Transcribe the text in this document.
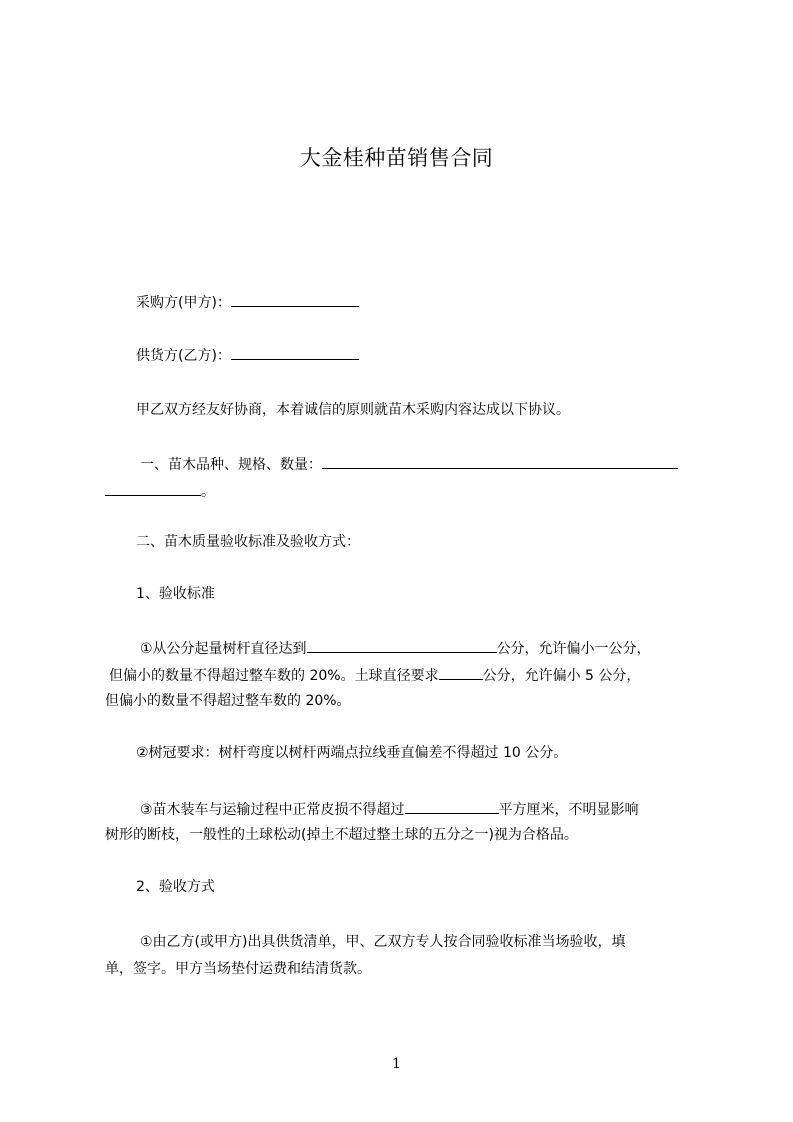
大金桂种苗销售合同
采购方(甲方)：
供货方(乙方)：
甲乙双方经友好协商，本着诚信的原则就苗木采购内容达成以下协议。
一、苗木品种、规格、数量：
。
二、苗木质量验收标准及验收方式：
1、验收标准
①从公分起量树杆直径达到	公分，允许偏小一公分，
但偏小的数量不得超过整车数的 20%。土球直径要求	公分，允许偏小 5 公分，
但偏小的数量不得超过整车数的 20%。
②树冠要求：树杆弯度以树杆两端点拉线垂直偏差不得超过 10 公分。
③苗木装车与运输过程中正常皮损不得超过	平方厘米，不明显影响
树形的断枝，一般性的土球松动(掉土不超过整土球的五分之一)视为合格品。
2、验收方式
①由乙方(或甲方)出具供货清单，甲、乙双方专人按合同验收标准当场验收，填
单，签字。甲方当场垫付运费和结清货款。
1
